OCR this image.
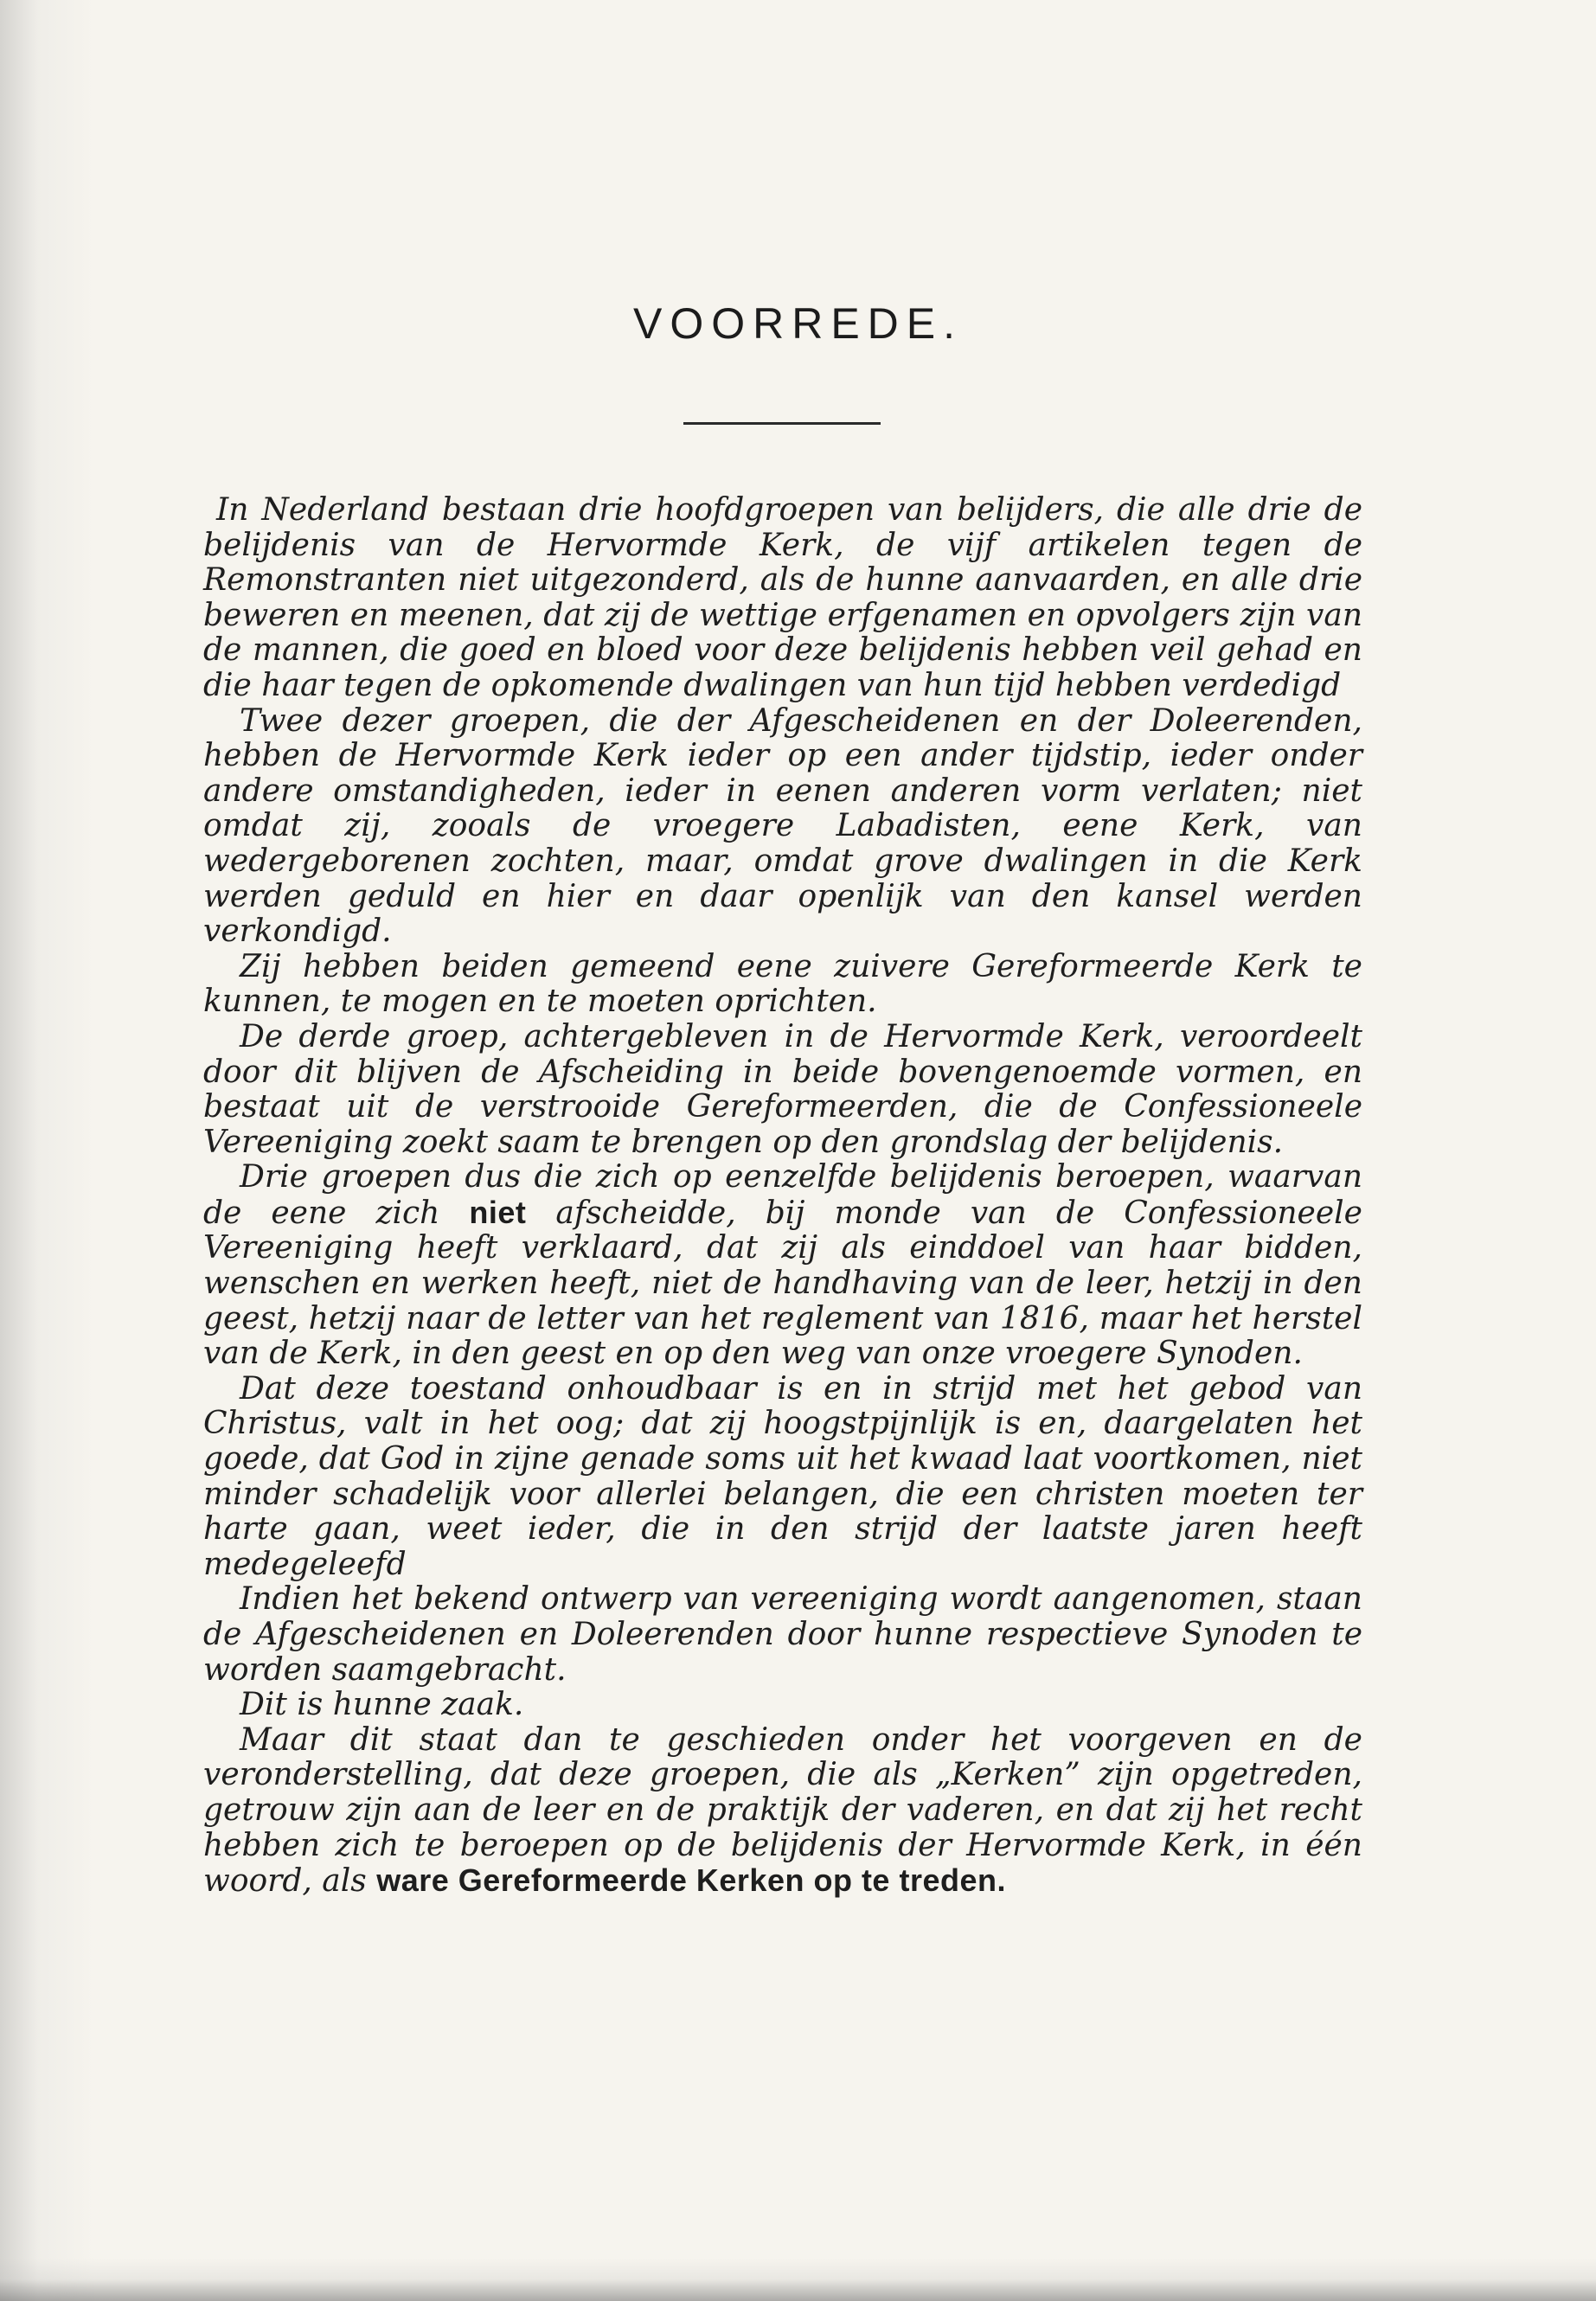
VOORREDE.

In Nederland bestaan drie hoofdgroepen van belijders, die alle drie de belijdenis van de Hervormde Kerk, de vijf artikelen tegen de Remonstranten niet uitgezonderd, als de hunne aanvaarden, en alle drie beweren en meenen, dat zij de wettige erfgenamen en opvolgers zijn van de mannen, die goed en bloed voor deze belijdenis hebben veil gehad en die haar tegen de opkomende dwalingen van hun tijd hebben verdedigd

Twee dezer groepen, die der Afgescheidenen en der Doleerenden, hebben de Hervormde Kerk ieder op een ander tijdstip, ieder onder andere omstandigheden, ieder in eenen anderen vorm verlaten; niet omdat zij, zooals de vroegere Labadisten, eene Kerk, van wedergeborenen zochten, maar, omdat grove dwalingen in die Kerk werden geduld en hier en daar openlijk van den kansel werden verkondigd.

Zij hebben beiden gemeend eene zuivere Gereformeerde Kerk te kunnen, te mogen en te moeten oprichten.

De derde groep, achtergebleven in de Hervormde Kerk, veroordeelt door dit blijven de Afscheiding in beide bovengenoemde vormen, en bestaat uit de verstrooide Gereformeerden, die de Confessioneele Vereeniging zoekt saam te brengen op den grondslag der belijdenis.

Drie groepen dus die zich op eenzelfde belijdenis beroepen, waarvan de eene zich niet afscheidde, bij monde van de Confessioneele Vereeniging heeft verklaard, dat zij als einddoel van haar bidden, wenschen en werken heeft, niet de handhaving van de leer, hetzij in den geest, hetzij naar de letter van het reglement van 1816, maar het herstel van de Kerk, in den geest en op den weg van onze vroegere Synoden.

Dat deze toestand onhoudbaar is en in strijd met het gebod van Christus, valt in het oog; dat zij hoogstpijnlijk is en, daargelaten het goede, dat God in zijne genade soms uit het kwaad laat voortkomen, niet minder schadelijk voor allerlei belangen, die een christen moeten ter harte gaan, weet ieder, die in den strijd der laatste jaren heeft medegeleefd

Indien het bekend ontwerp van vereeniging wordt aangenomen, staan de Afgescheidenen en Doleerenden door hunne respectieve Synoden te worden saamgebracht.

Dit is hunne zaak.

Maar dit staat dan te geschieden onder het voorgeven en de veronderstelling, dat deze groepen, die als „Kerken” zijn opgetreden, getrouw zijn aan de leer en de praktijk der vaderen, en dat zij het recht hebben zich te beroepen op de belijdenis der Hervormde Kerk, in één woord, als ware Gereformeerde Kerken op te treden.
